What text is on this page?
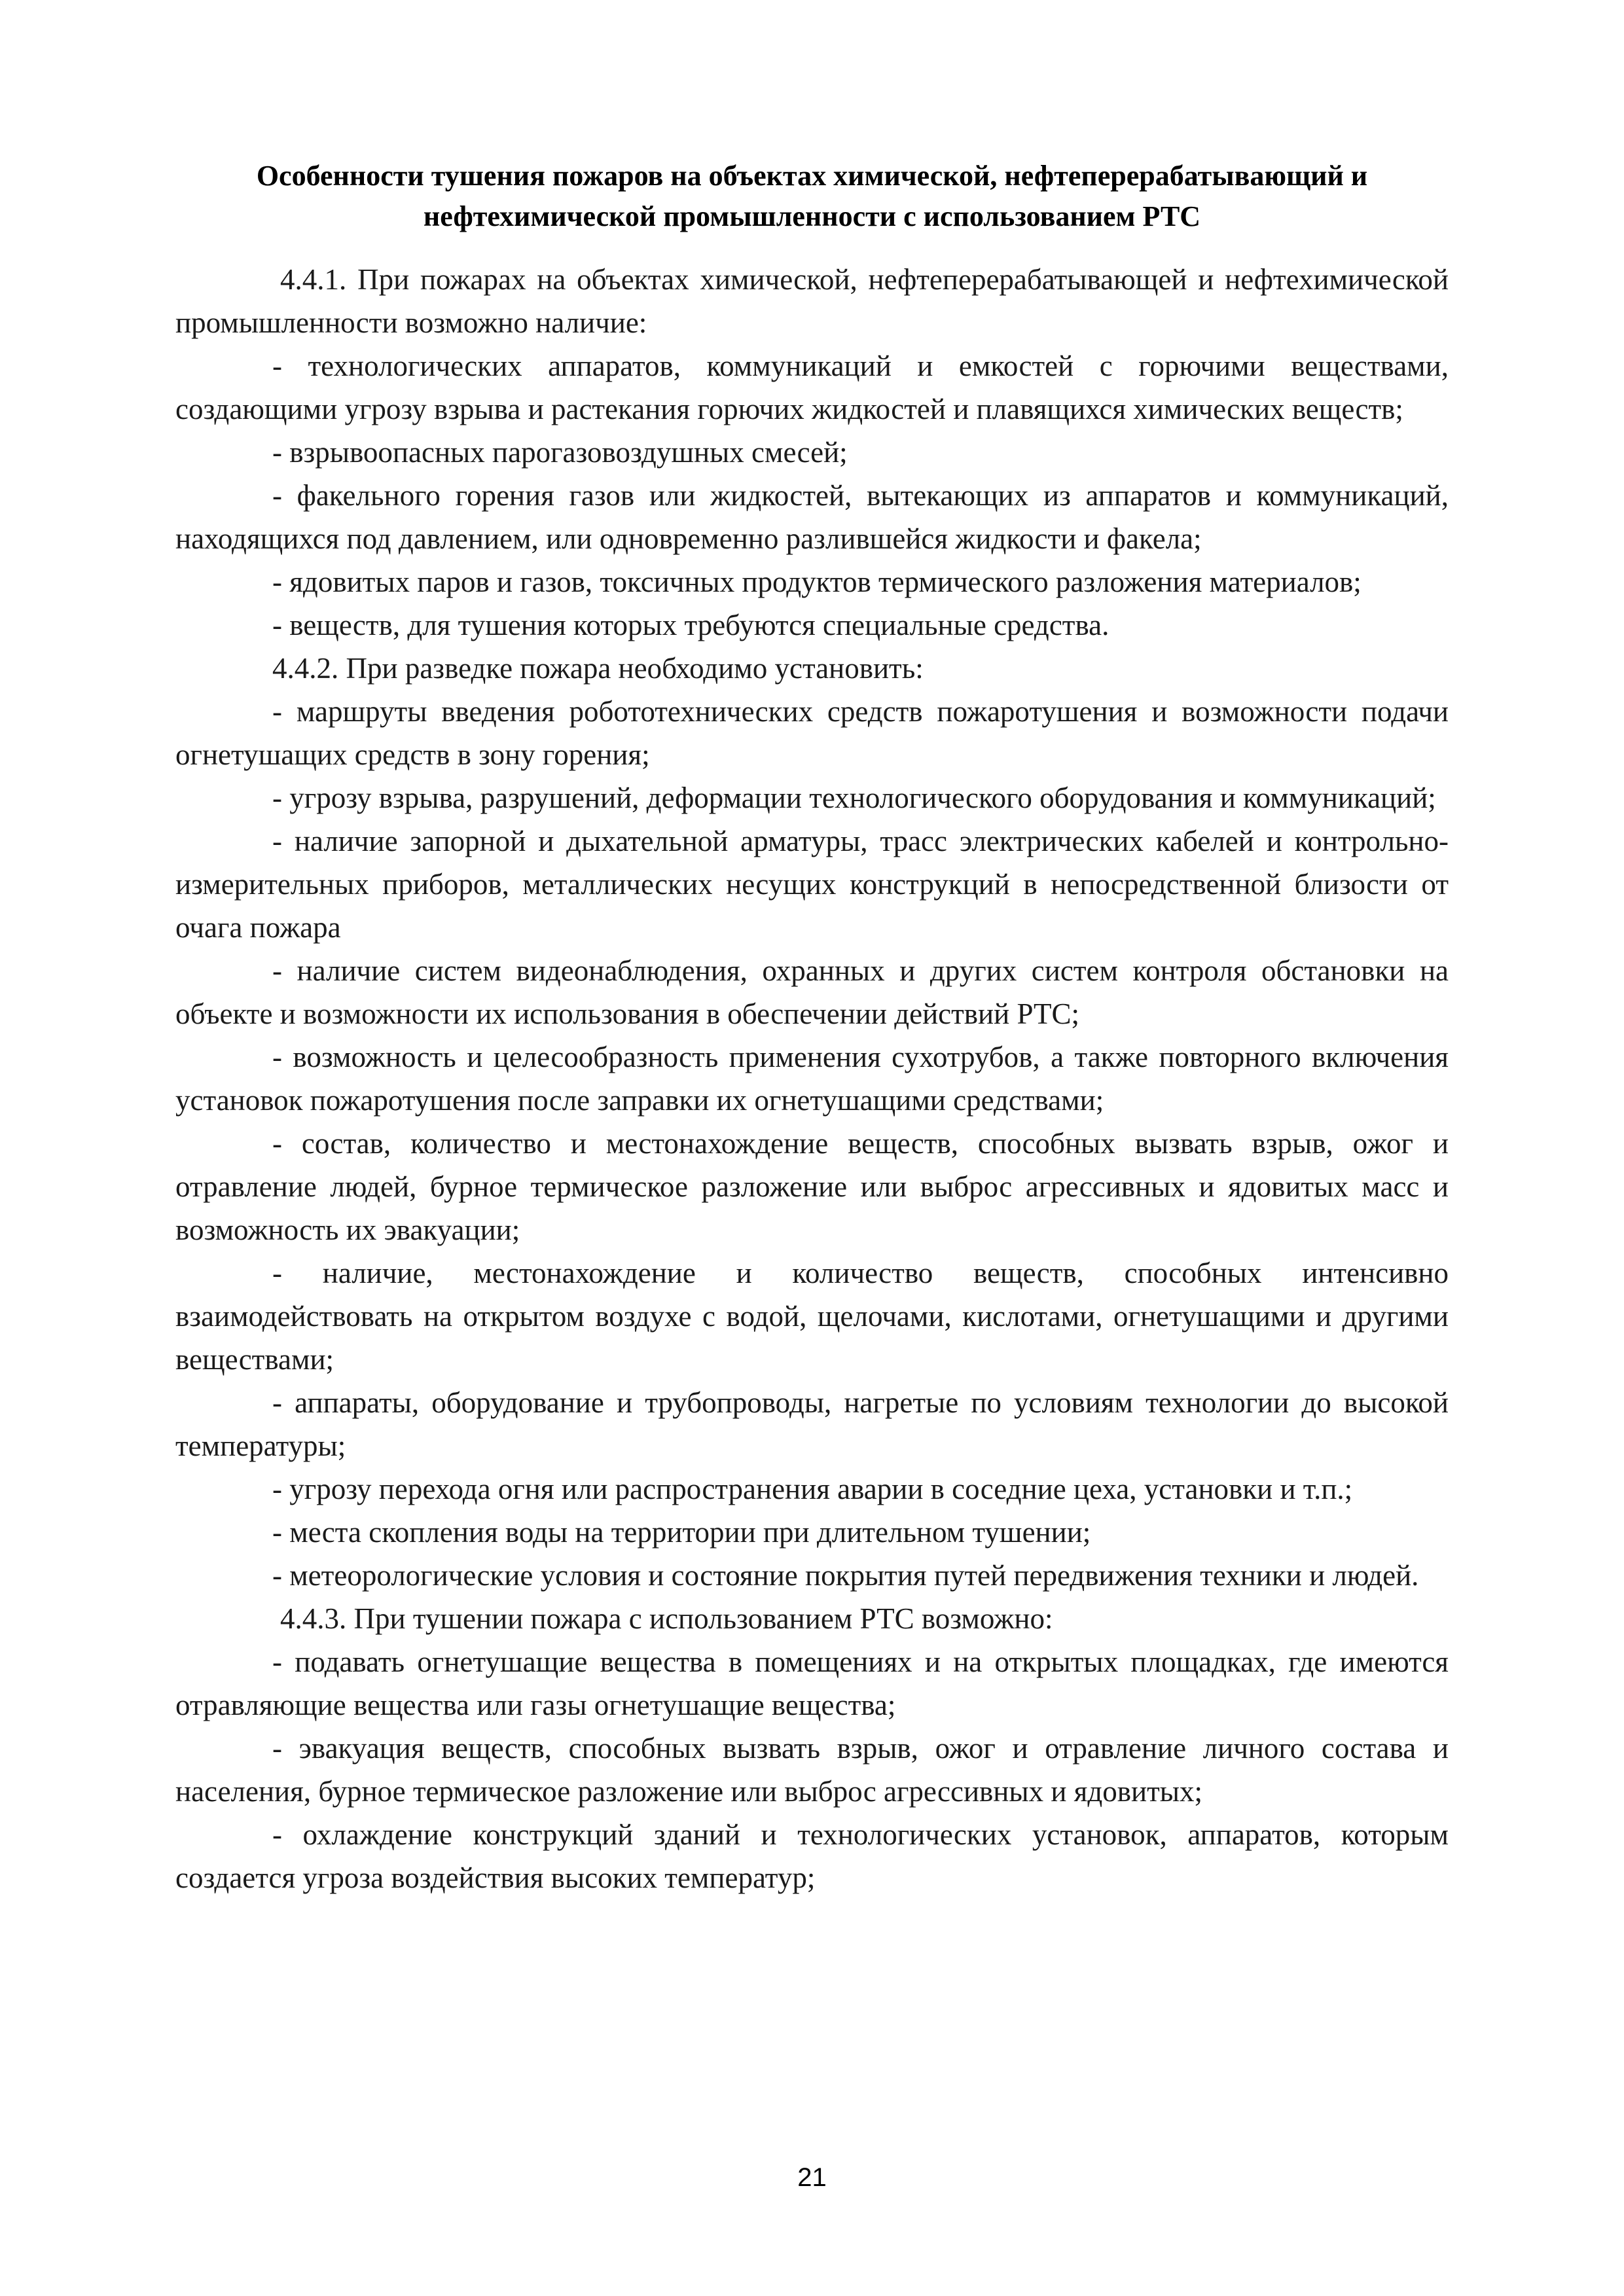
Особенности тушения пожаров на объектах химической, нефтеперерабатывающий и
нефтехимической промышленности с использованием РТС

4.4.1. При пожарах на объектах химической, нефтеперерабатывающей и нефтехимической промышленности возможно наличие:

- технологических аппаратов, коммуникаций и емкостей с горючими веществами, создающими угрозу взрыва и растекания горючих жидкостей и плавящихся химических веществ;

- взрывоопасных парогазовоздушных смесей;

- факельного горения газов или жидкостей, вытекающих из аппаратов и коммуникаций, находящихся под давлением, или одновременно разлившейся жидкости и факела;

- ядовитых паров и газов, токсичных продуктов термического разложения материалов;

- веществ, для тушения которых требуются специальные средства.

4.4.2. При разведке пожара необходимо установить:

- маршруты введения робототехнических средств пожаротушения и возможности подачи огнетушащих средств в зону горения;

- угрозу взрыва, разрушений, деформации технологического оборудования и коммуникаций;

- наличие запорной и дыхательной арматуры, трасс электрических кабелей и контрольно-измерительных приборов, металлических несущих конструкций в непосредственной близости от очага пожара

- наличие систем видеонаблюдения, охранных и других систем контроля обстановки на объекте и возможности их использования в обеспечении действий РТС;

- возможность и целесообразность применения сухотрубов, а также повторного включения установок пожаротушения после заправки их огнетушащими средствами;

- состав, количество и местонахождение веществ, способных вызвать взрыв, ожог и отравление людей, бурное термическое разложение или выброс агрессивных и ядовитых масс и возможность их эвакуации;

- наличие, местонахождение и количество веществ, способных интенсивно взаимодействовать на открытом воздухе с водой, щелочами, кислотами, огнетушащими и другими веществами;

- аппараты, оборудование и трубопроводы, нагретые по условиям технологии до высокой температуры;

- угрозу перехода огня или распространения аварии в соседние цеха, установки и т.п.;

- места скопления воды на территории при длительном тушении;

- метеорологические условия и состояние покрытия путей передвижения техники и людей.

4.4.3. При тушении пожара с использованием РТС возможно:

- подавать огнетушащие вещества в помещениях и на открытых площадках, где имеются отравляющие вещества или газы огнетушащие вещества;

- эвакуация веществ, способных вызвать взрыв, ожог и отравление личного состава и населения, бурное термическое разложение или выброс агрессивных и ядовитых;

- охлаждение конструкций зданий и технологических установок, аппаратов, которым создается угроза воздействия высоких температур;

21
